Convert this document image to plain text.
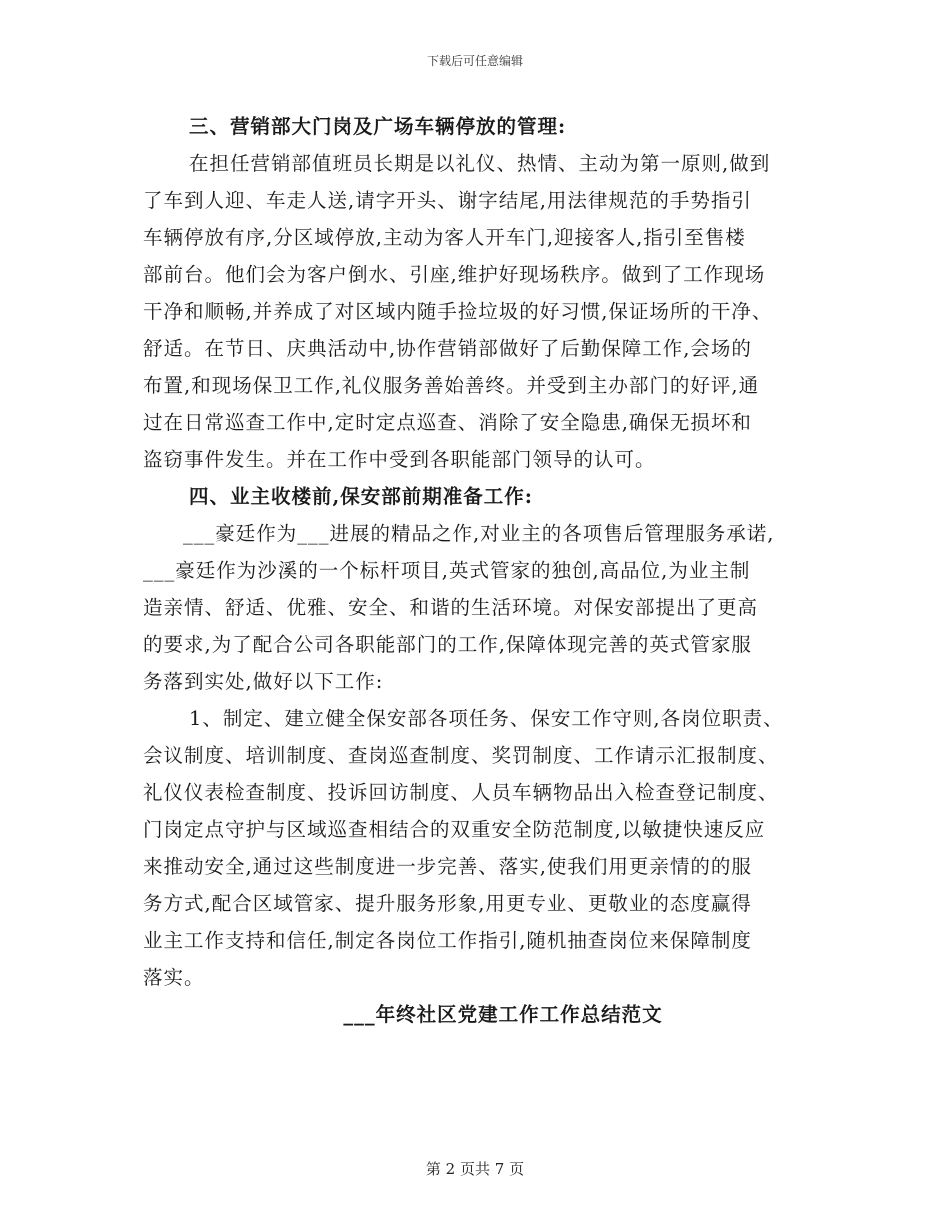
下载后可任意编辑
三、营销部大门岗及广场车辆停放的管理:
在担任营销部值班员长期是以礼仪、热情、主动为第一原则,做到
了车到人迎、车走人送,请字开头、谢字结尾,用法律规范的手势指引
车辆停放有序,分区域停放,主动为客人开车门,迎接客人,指引至售楼
部前台。他们会为客户倒水、引座,维护好现场秩序。做到了工作现场
干净和顺畅,并养成了对区域内随手捡垃圾的好习惯,保证场所的干净、
舒适。在节日、庆典活动中,协作营销部做好了后勤保障工作,会场的
布置,和现场保卫工作,礼仪服务善始善终。并受到主办部门的好评,通
过在日常巡查工作中,定时定点巡查、消除了安全隐患,确保无损坏和
盗窃事件发生。并在工作中受到各职能部门领导的认可。
四、业主收楼前,保安部前期准备工作:
___豪廷作为___进展的精品之作,对业主的各项售后管理服务承诺,
___豪廷作为沙溪的一个标杆项目,英式管家的独创,高品位,为业主制
造亲情、舒适、优雅、安全、和谐的生活环境。对保安部提出了更高
的要求,为了配合公司各职能部门的工作,保障体现完善的英式管家服
务落到实处,做好以下工作:
1、制定、建立健全保安部各项任务、保安工作守则,各岗位职责、
会议制度、培训制度、查岗巡查制度、奖罚制度、工作请示汇报制度、
礼仪仪表检查制度、投诉回访制度、人员车辆物品出入检查登记制度、
门岗定点守护与区域巡查相结合的双重安全防范制度,以敏捷快速反应
来推动安全,通过这些制度进一步完善、落实,使我们用更亲情的的服
务方式,配合区域管家、提升服务形象,用更专业、更敬业的态度赢得
业主工作支持和信任,制定各岗位工作指引,随机抽查岗位来保障制度
落实。
___年终社区党建工作工作总结范文
第 2 页共 7 页
